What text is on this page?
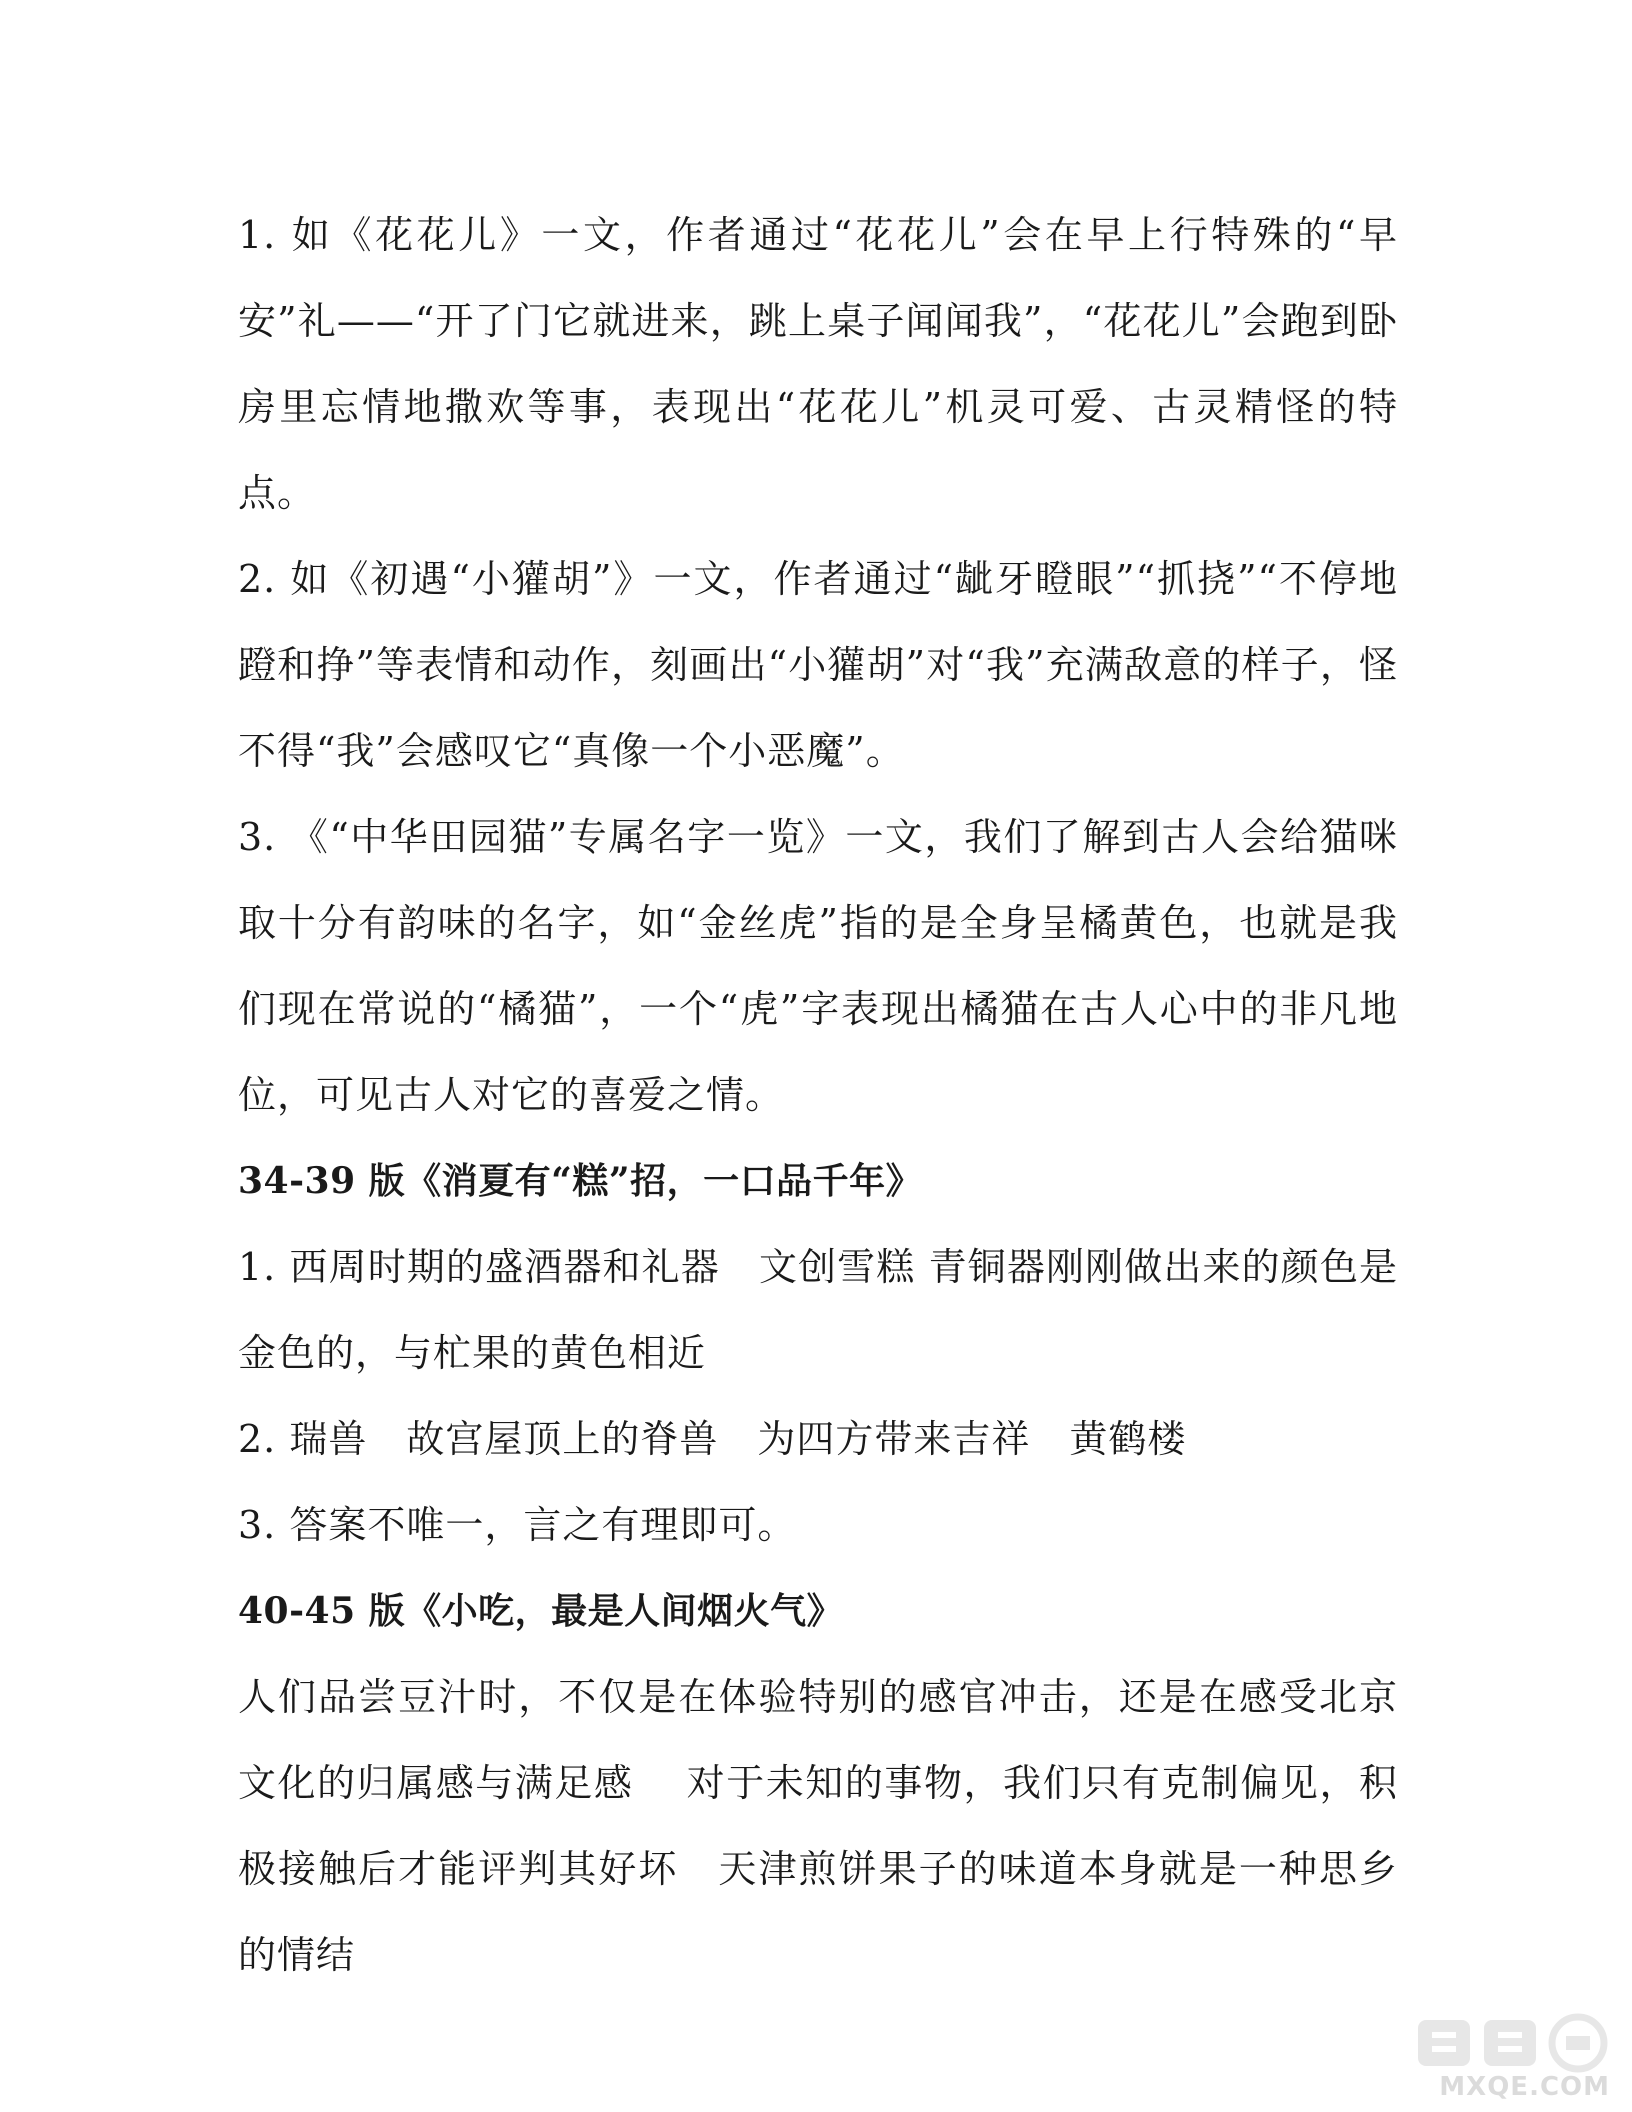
1. 如《花花儿》一文，作者通过“花花儿”会在早上行特殊的“早安”礼——“开了门它就进来，跳上桌子闻闻我”，“花花儿”会跑到卧房里忘情地撒欢等事，表现出“花花儿”机灵可爱、古灵精怪的特点。

2. 如《初遇“小獾胡”》一文，作者通过“龇牙瞪眼”“抓挠”“不停地蹬和挣”等表情和动作，刻画出“小獾胡”对“我”充满敌意的样子，怪不得“我”会感叹它“真像一个小恶魔”。

3. 《“中华田园猫”专属名字一览》一文，我们了解到古人会给猫咪取十分有韵味的名字，如“金丝虎”指的是全身呈橘黄色，也就是我们现在常说的“橘猫”，一个“虎”字表现出橘猫在古人心中的非凡地位，可见古人对它的喜爱之情。

34-39 版《消夏有“糕”招，一口品千年》

1. 西周时期的盛酒器和礼器　文创雪糕 青铜器刚刚做出来的颜色是金色的，与杧果的黄色相近

2. 瑞兽　故宫屋顶上的脊兽　为四方带来吉祥　黄鹤楼

3. 答案不唯一，言之有理即可。

40-45 版《小吃，最是人间烟火气》

人们品尝豆汁时，不仅是在体验特别的感官冲击，还是在感受北京文化的归属感与满足感　 对于未知的事物，我们只有克制偏见，积极接触后才能评判其好坏　天津煎饼果子的味道本身就是一种思乡的情结

MXQE.COM
